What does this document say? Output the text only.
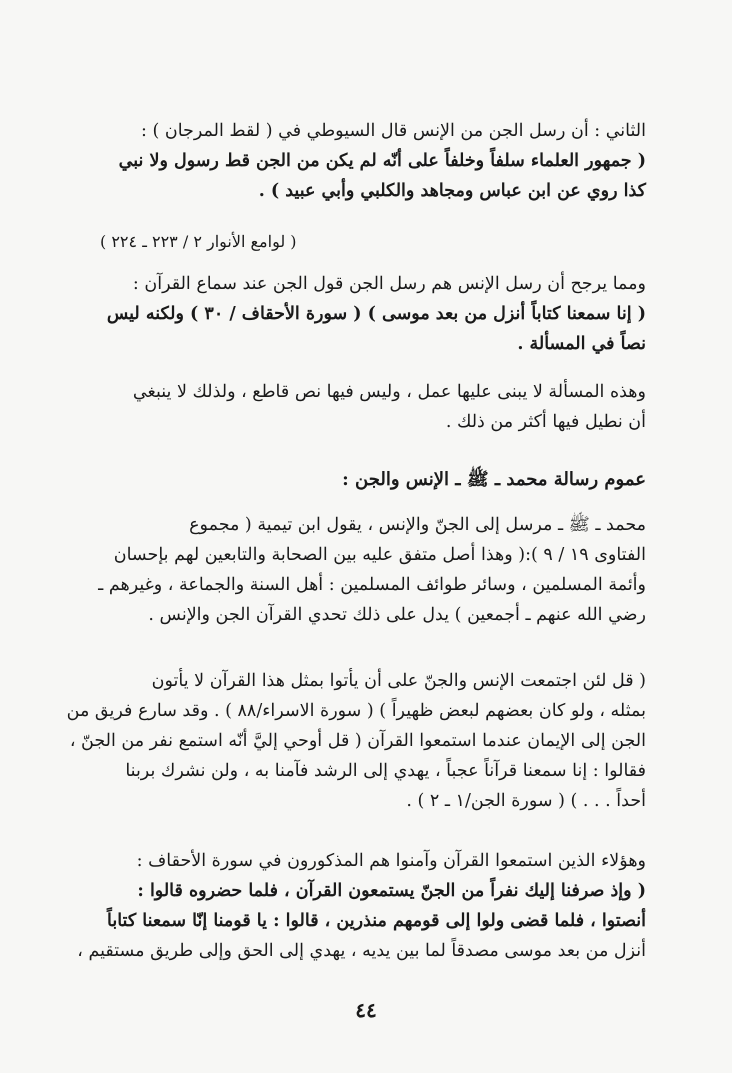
الثاني : أن رسل الجن من الإنس قال السيوطي في ( لقط المرجان ) :
( جمهور العلماء سلفاً وخلفاً على أنّه لم يكن من الجن قط رسول ولا نبي
كذا روي عن ابن عباس ومجاهد والكلبي وأبي عبيد ) .
( لوامع الأنوار ٢ / ٢٢٣ ـ ٢٢٤ )
ومما يرجح أن رسل الإنس هم رسل الجن قول الجن عند سماع القرآن :
( إنا سمعنا كتاباً أنزل من بعد موسى ) ( سورة الأحقاف / ٣٠ ) ولكنه ليس
نصاً في المسألة .
وهذه المسألة لا يبنى عليها عمل ، وليس فيها نص قاطع ، ولذلك لا ينبغي
أن نطيل فيها أكثر من ذلك .
عموم رسالة محمد ـ ﷺ ـ الإنس والجن :
محمد ـ ﷺ ـ مرسل إلى الجنّ والإنس ، يقول ابن تيمية ( مجموع
الفتاوى ١٩ / ٩ ):( وهذا أصل متفق عليه بين الصحابة والتابعين لهم بإحسان
وأئمة المسلمين ، وسائر طوائف المسلمين : أهل السنة والجماعة ، وغيرهم ـ
رضي الله عنهم ـ أجمعين ) يدل على ذلك تحدي القرآن الجن والإنس .
( قل لئن اجتمعت الإنس والجنّ على أن يأتوا بمثل هذا القرآن لا يأتون
بمثله ، ولو كان بعضهم لبعض ظهيراً ) ( سورة الاسراء/٨٨ ) . وقد سارع فريق من
الجن إلى الإيمان عندما استمعوا القرآن ( قل أوحي إليَّ أنّه استمع نفر من الجنّ ،
فقالوا : إنا سمعنا قرآناً عجباً ، يهدي إلى الرشد فآمنا به ، ولن نشرك بربنا
أحداً . . . ) ( سورة الجن/١ ـ ٢ ) .
وهؤلاء الذين استمعوا القرآن وآمنوا هم المذكورون في سورة الأحقاف :
( وإذ صرفنا إليك نفراً من الجنّ يستمعون القرآن ، فلما حضروه قالوا :
أنصتوا ، فلما قضى ولوا إلى قومهم منذرين ، قالوا : يا قومنا إنّا سمعنا كتاباً
أنزل من بعد موسى مصدقاً لما بين يديه ، يهدي إلى الحق وإلى طريق مستقيم ،
٤٤
